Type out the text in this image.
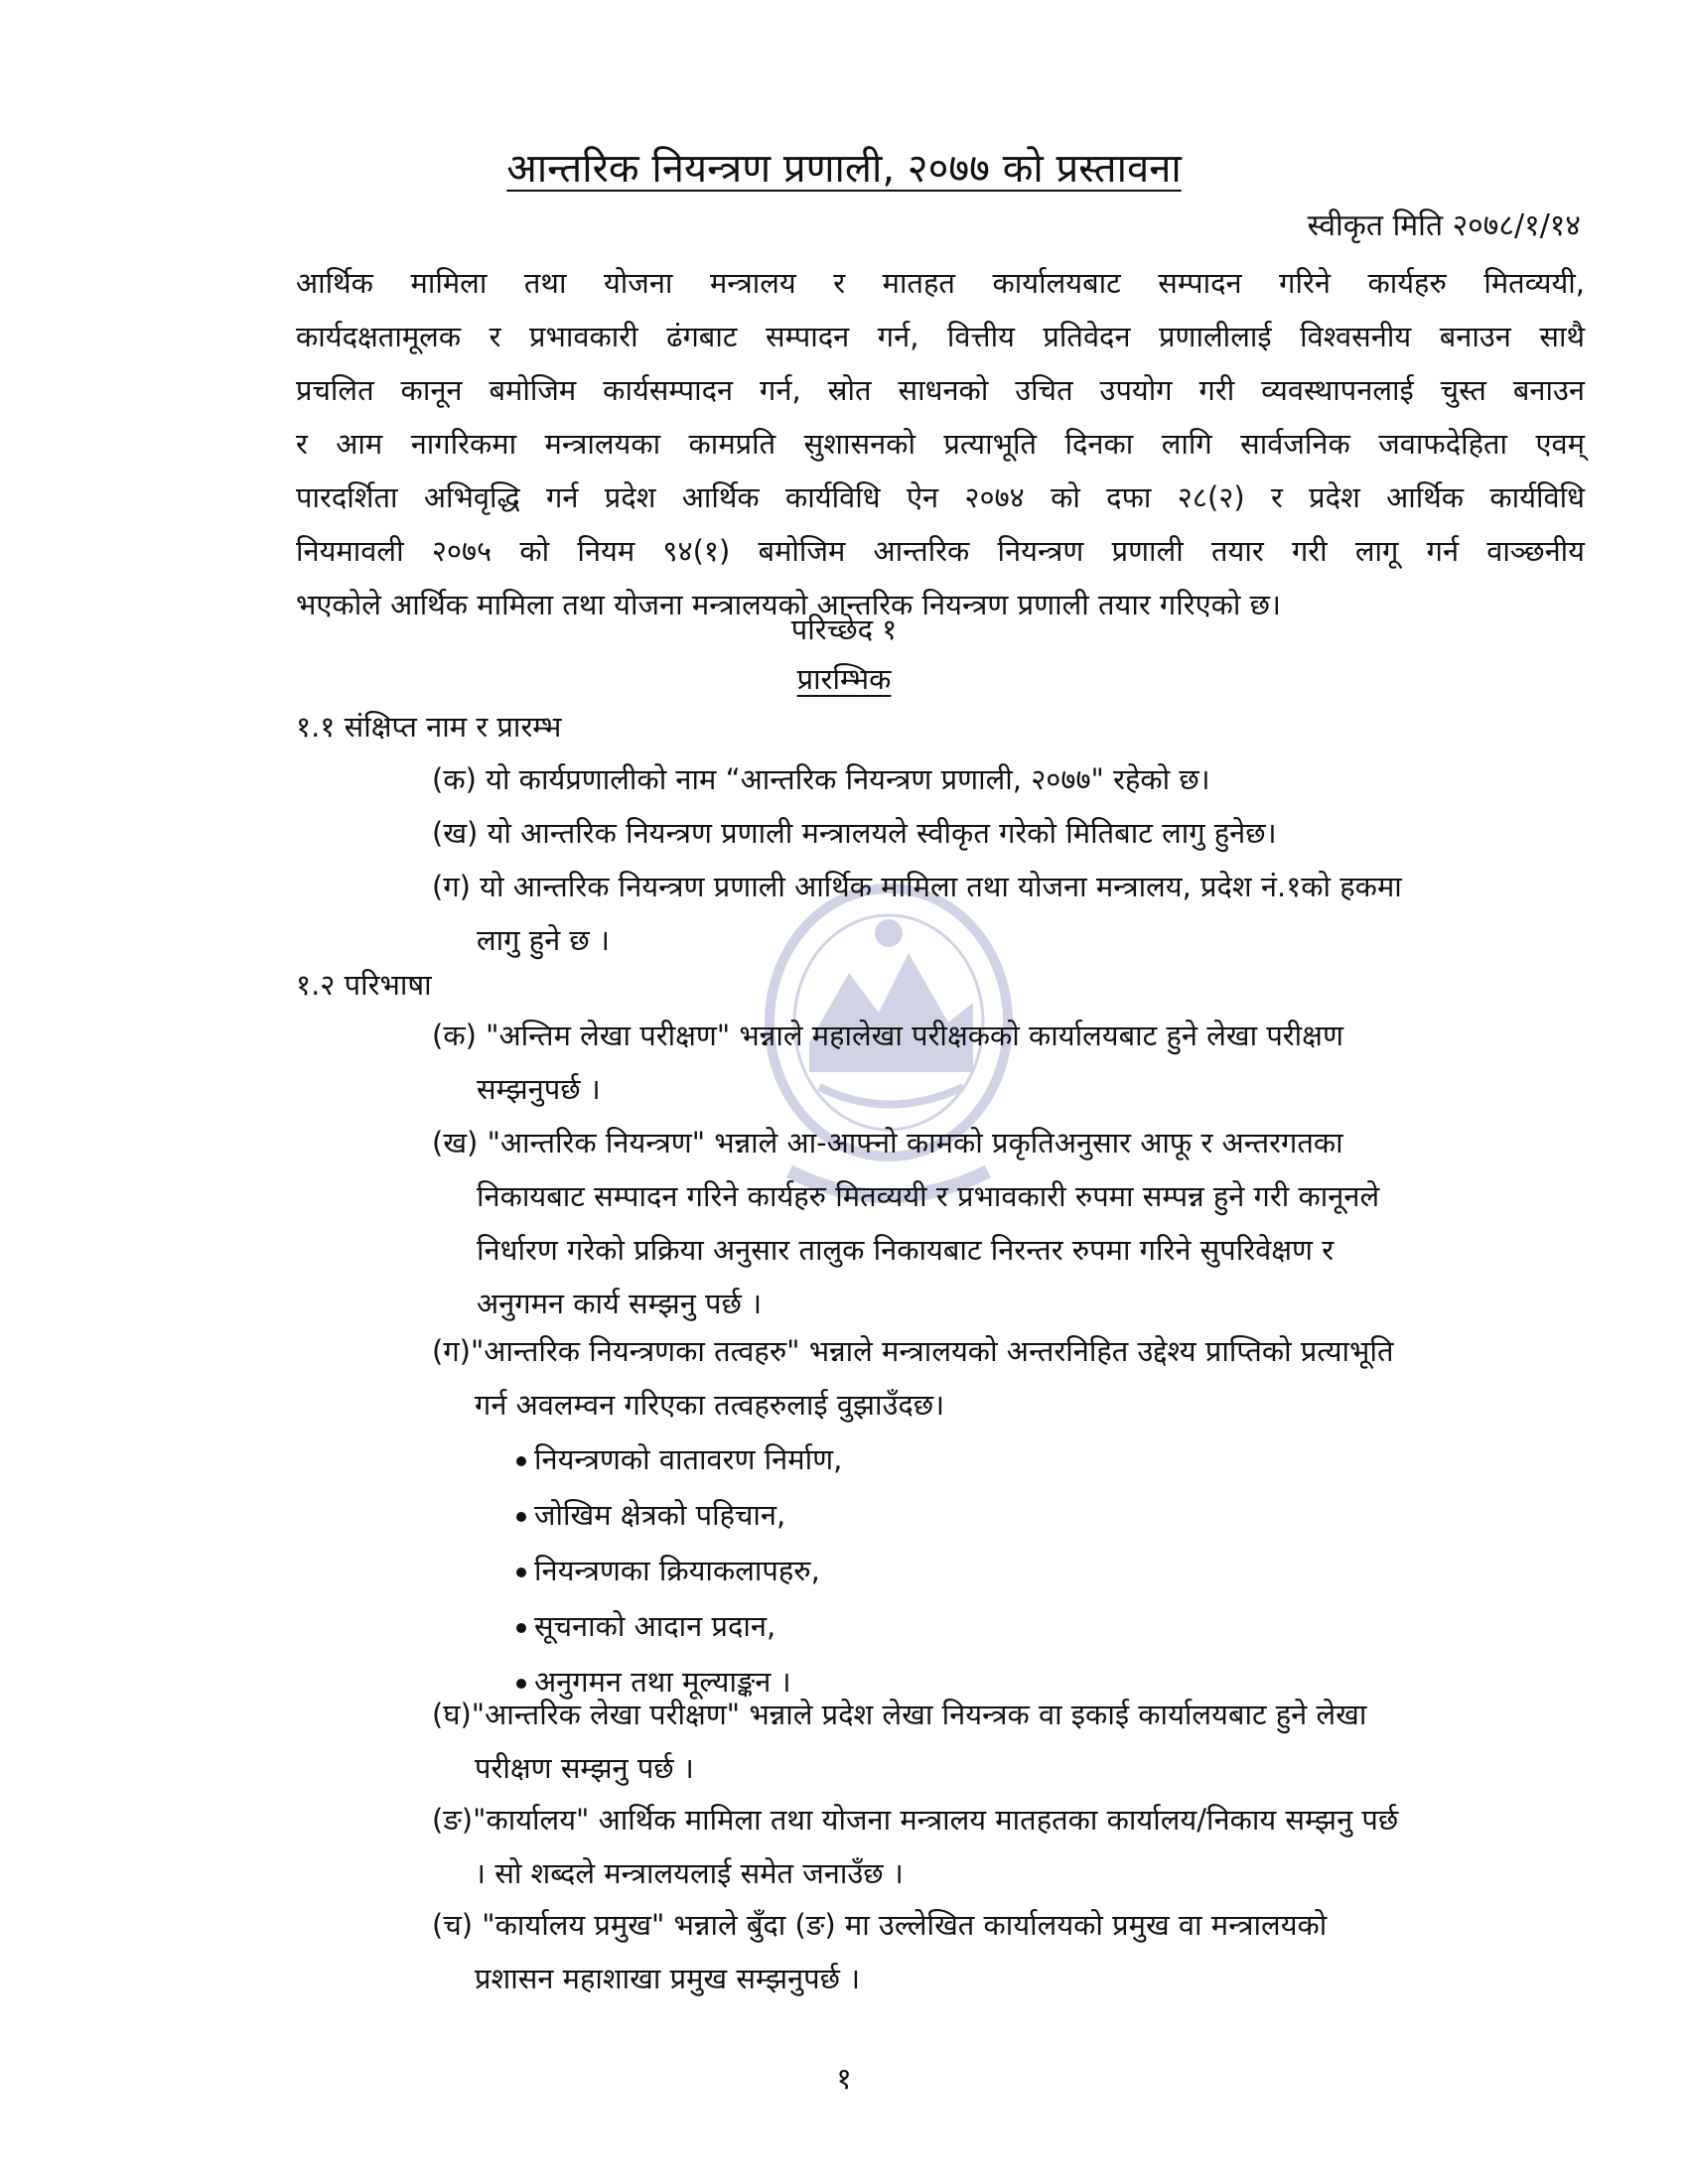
आन्तरिक नियन्त्रण प्रणाली, २०७७ को प्रस्तावना
स्वीकृत मिति २०७८/१/१४
आर्थिक मामिला तथा योजना मन्त्रालय र मातहत कार्यालयबाट सम्पादन गरिने कार्यहरु मितव्ययी,
कार्यदक्षतामूलक र प्रभावकारी ढंगबाट सम्पादन गर्न, वित्तीय प्रतिवेदन प्रणालीलाई विश्वसनीय बनाउन साथै
प्रचलित कानून बमोजिम कार्यसम्पादन गर्न, स्रोत साधनको उचित उपयोग गरी व्यवस्थापनलाई चुस्त बनाउन
र आम नागरिकमा मन्त्रालयका कामप्रति सुशासनको प्रत्याभूति दिनका लागि सार्वजनिक जवाफदेहिता एवम्
पारदर्शिता अभिवृद्धि गर्न प्रदेश आर्थिक कार्यविधि ऐन २०७४ को दफा २८(२) र प्रदेश आर्थिक कार्यविधि
नियमावली २०७५ को नियम ९४(१) बमोजिम आन्तरिक नियन्त्रण प्रणाली तयार गरी लागू गर्न वाञ्छनीय
भएकोले आर्थिक मामिला तथा योजना मन्त्रालयको आन्तरिक नियन्त्रण प्रणाली तयार गरिएको छ।
परिच्छेद १
प्रारम्भिक
१.१ संक्षिप्त नाम र प्रारम्भ
(क) यो कार्यप्रणालीको नाम “आन्तरिक नियन्त्रण प्रणाली, २०७७" रहेको छ।
(ख) यो आन्तरिक नियन्त्रण प्रणाली मन्त्रालयले स्वीकृत गरेको मितिबाट लागु हुनेछ।
(ग) यो आन्तरिक नियन्त्रण प्रणाली आर्थिक मामिला तथा योजना मन्त्रालय, प्रदेश नं.१को हकमा
लागु हुने छ ।
१.२ परिभाषा
(क) "अन्तिम लेखा परीक्षण" भन्नाले महालेखा परीक्षकको कार्यालयबाट हुने लेखा परीक्षण
सम्झनुपर्छ ।
(ख) "आन्तरिक नियन्त्रण" भन्नाले आ-आफ्नो कामको प्रकृतिअनुसार आफू र अन्तरगतका
निकायबाट सम्पादन गरिने कार्यहरु मितव्ययी र प्रभावकारी रुपमा सम्पन्न हुने गरी कानूनले
निर्धारण गरेको प्रक्रिया अनुसार तालुक निकायबाट निरन्तर रुपमा गरिने सुपरिवेक्षण र
अनुगमन कार्य सम्झनु पर्छ ।
(ग)"आन्तरिक नियन्त्रणका तत्वहरु" भन्नाले मन्त्रालयको अन्तरनिहित उद्देश्य प्राप्तिको प्रत्याभूति
गर्न अवलम्वन गरिएका तत्वहरुलाई वुझाउँदछ।
नियन्त्रणको वातावरण निर्माण,
जोखिम क्षेत्रको पहिचान,
नियन्त्रणका क्रियाकलापहरु,
सूचनाको आदान प्रदान,
अनुगमन तथा मूल्याङ्कन ।
(घ)"आन्तरिक लेखा परीक्षण" भन्नाले प्रदेश लेखा नियन्त्रक वा इकाई कार्यालयबाट हुने लेखा
परीक्षण सम्झनु पर्छ ।
(ङ)"कार्यालय" आर्थिक मामिला तथा योजना मन्त्रालय मातहतका कार्यालय/निकाय सम्झनु पर्छ
। सो शब्दले मन्त्रालयलाई समेत जनाउँछ ।
(च) "कार्यालय प्रमुख" भन्नाले बुँदा (ङ) मा उल्लेखित कार्यालयको प्रमुख वा मन्त्रालयको
प्रशासन महाशाखा प्रमुख सम्झनुपर्छ ।
१
